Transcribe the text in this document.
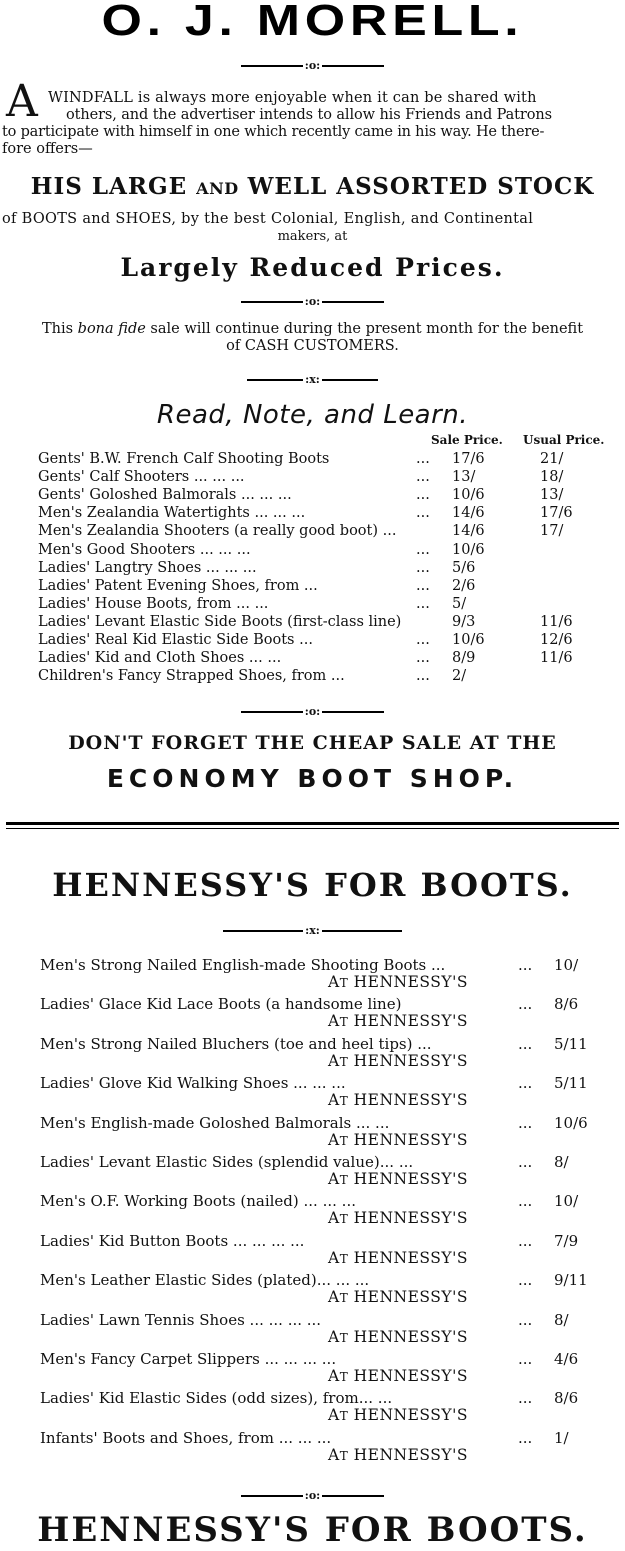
O. J. MORELL.
:o:
A WINDFALL is always more enjoyable when it can be shared with
others, and the advertiser intends to allow his Friends and Patrons
to participate with himself in one which recently came in his way. He there-
fore offers—
HIS LARGE AND WELL ASSORTED STOCK
of BOOTS and SHOES, by the best Colonial, English, and Continental
makers, at
Largely Reduced Prices.
:o:
This bona fide sale will continue during the present month for the benefit
of CASH CUSTOMERS.
:x:
Read, Note, and Learn.
Sale Price. Usual Price.
Gents' B.W. French Calf Shooting Boots	... 17/6	21/
Gents' Calf Shooters ... ... ...	... 13/	18/
Gents' Goloshed Balmorals ... ... ...	... 10/6	13/
Men's Zealandia Watertights ... ... ...	... 14/6	17/6
Men's Zealandia Shooters (a really good boot) ...	14/6	17/
Men's Good Shooters ... ... ...	... 10/6
Ladies' Langtry Shoes ... ... ...	... 5/6
Ladies' Patent Evening Shoes, from ...	... 2/6
Ladies' House Boots, from ... ...	... 5/
Ladies' Levant Elastic Side Boots (first-class line)	9/3	11/6
Ladies' Real Kid Elastic Side Boots ...	... 10/6	12/6
Ladies' Kid and Cloth Shoes ... ...	... 8/9	11/6
Children's Fancy Strapped Shoes, from ...	... 2/
:o:
DON'T FORGET THE CHEAP SALE AT THE
ECONOMY BOOT SHOP.
HENNESSY'S FOR BOOTS.
:x:
Men's Strong Nailed English-made Shooting Boots ...	... 10/
AT HENNESSY'S
Ladies' Glace Kid Lace Boots (a handsome line)	... 8/6
AT HENNESSY'S
Men's Strong Nailed Bluchers (toe and heel tips) ...	... 5/11
AT HENNESSY'S
Ladies' Glove Kid Walking Shoes ... ... ...	... 5/11
AT HENNESSY'S
Men's English-made Goloshed Balmorals ... ...	... 10/6
AT HENNESSY'S
Ladies' Levant Elastic Sides (splendid value)... ...	... 8/
AT HENNESSY'S
Men's O.F. Working Boots (nailed) ... ... ...	... 10/
AT HENNESSY'S
Ladies' Kid Button Boots ... ... ... ...	... 7/9
AT HENNESSY'S
Men's Leather Elastic Sides (plated)... ... ...	... 9/11
AT HENNESSY'S
Ladies' Lawn Tennis Shoes ... ... ... ...	... 8/
AT HENNESSY'S
Men's Fancy Carpet Slippers ... ... ... ...	... 4/6
AT HENNESSY'S
Ladies' Kid Elastic Sides (odd sizes), from... ...	... 8/6
AT HENNESSY'S
Infants' Boots and Shoes, from ... ... ...	... 1/
AT HENNESSY'S
:o:
HENNESSY'S FOR BOOTS.
